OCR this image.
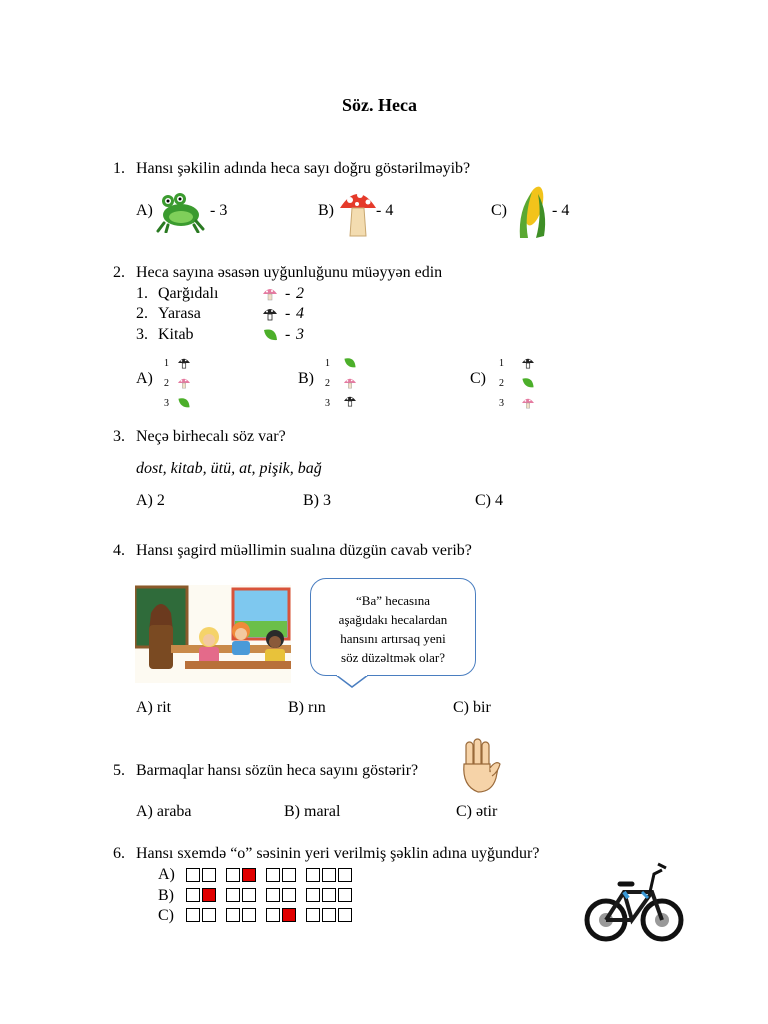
Söz. Heca
1. Hansı şəkilin adında heca sayı doğru göstərilməyib?
A)	- 3	B)	- 4	C)	- 4
2. Heca sayına əsasən uyğunluğunu müəyyən edin
1. Qarğıdalı	- 2
2. Yarasa	- 4
3. Kitab	- 3
A)
1
2
3
B)
1
2
3
C)
1
2
3
3. Neçə birhecalı söz var?
dost, kitab, ütü, at, pişik, bağ
A) 2	B) 3	C) 4
4. Hansı şagird müəllimin sualına düzgün cavab verib?
“Ba” hecasına
aşağıdakı hecalardan
hansını artırsaq yeni
söz düzəltmək olar?
A) rit	B) rın	C) bir
5. Barmaqlar hansı sözün heca sayını göstərir?
A) araba	B) maral	C) ətir
6. Hansı sxemdə “o” səsinin yeri verilmiş şəklin adına uyğundur?
A)
B)
C)
